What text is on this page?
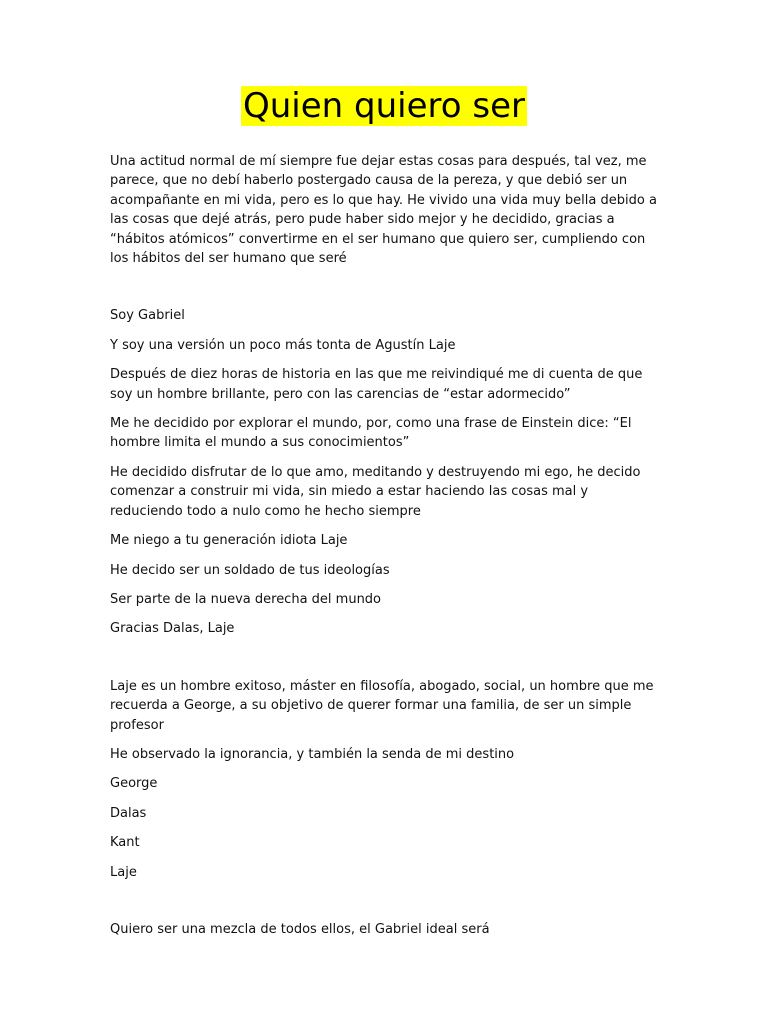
Quien quiero ser

Una actitud normal de mí siempre fue dejar estas cosas para después, tal vez, me parece, que no debí haberlo postergado causa de la pereza, y que debió ser un acompañante en mi vida, pero es lo que hay. He vivido una vida muy bella debido a las cosas que dejé atrás, pero pude haber sido mejor y he decidido, gracias a “hábitos atómicos” convertirme en el ser humano que quiero ser, cumpliendo con los hábitos del ser humano que seré

Soy Gabriel

Y soy una versión un poco más tonta de Agustín Laje

Después de diez horas de historia en las que me reivindiqué me di cuenta de que soy un hombre brillante, pero con las carencias de “estar adormecido”

Me he decidido por explorar el mundo, por, como una frase de Einstein dice: “El hombre limita el mundo a sus conocimientos”

He decidido disfrutar de lo que amo, meditando y destruyendo mi ego, he decido comenzar a construir mi vida, sin miedo a estar haciendo las cosas mal y reduciendo todo a nulo como he hecho siempre

Me niego a tu generación idiota Laje

He decido ser un soldado de tus ideologías

Ser parte de la nueva derecha del mundo

Gracias Dalas, Laje

Laje es un hombre exitoso, máster en filosofía, abogado, social, un hombre que me recuerda a George, a su objetivo de querer formar una familia, de ser un simple profesor

He observado la ignorancia, y también la senda de mi destino

George

Dalas

Kant

Laje

Quiero ser una mezcla de todos ellos, el Gabriel ideal será
